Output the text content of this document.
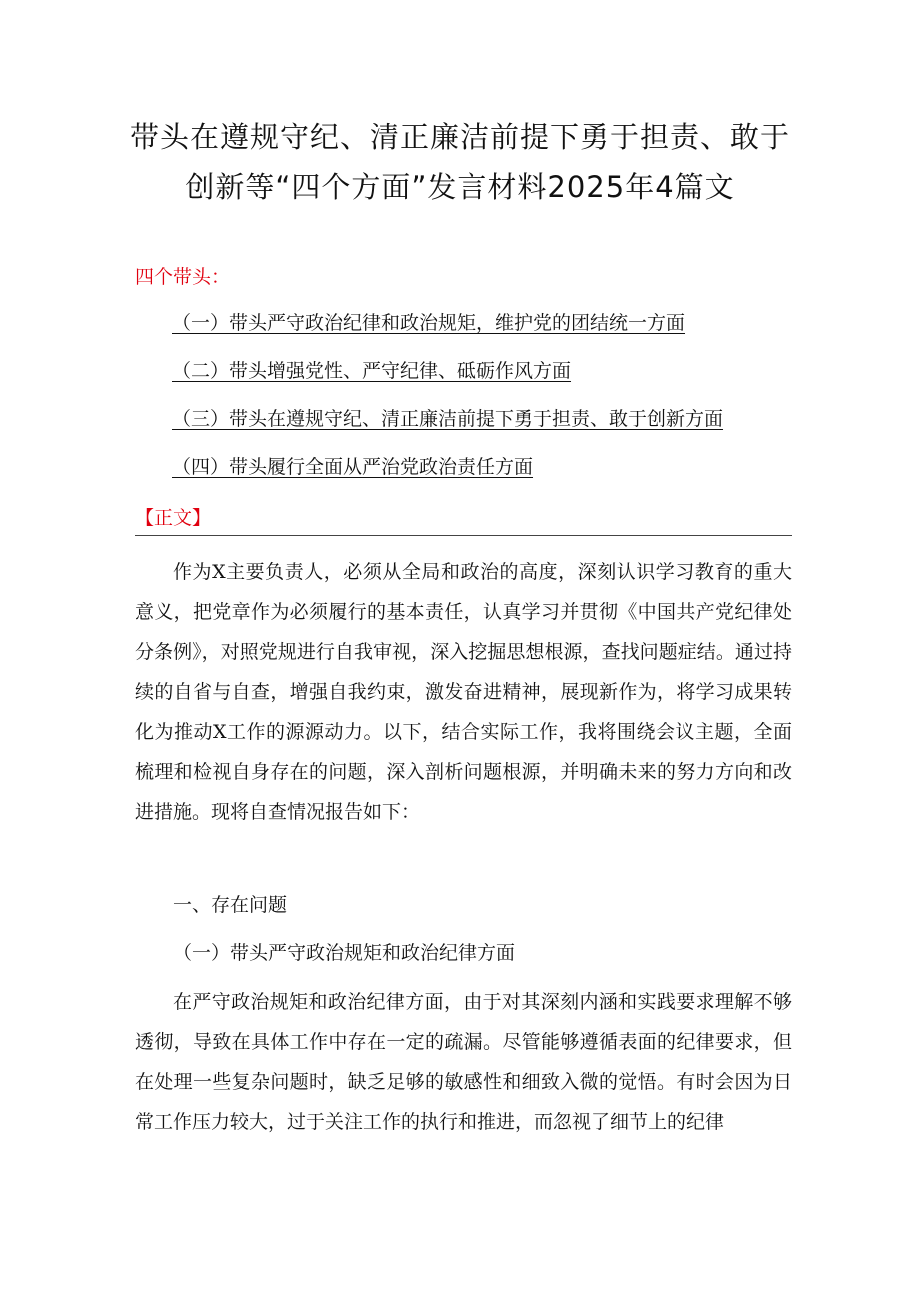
带头在遵规守纪、清正廉洁前提下勇于担责、敢于创新等“四个方面”发言材料2025年4篇文
四个带头：
（一）带头严守政治纪律和政治规矩，维护党的团结统一方面
（二）带头增强党性、严守纪律、砥砺作风方面
（三）带头在遵规守纪、清正廉洁前提下勇于担责、敢于创新方面
（四）带头履行全面从严治党政治责任方面
【正文】

作为X主要负责人，必须从全局和政治的高度，深刻认识学习教育的重大意义，把党章作为必须履行的基本责任，认真学习并贯彻《中国共产党纪律处分条例》，对照党规进行自我审视，深入挖掘思想根源，查找问题症结。通过持续的自省与自查，增强自我约束，激发奋进精神，展现新作为，将学习成果转化为推动X工作的源源动力。以下，结合实际工作，我将围绕会议主题，全面梳理和检视自身存在的问题，深入剖析问题根源，并明确未来的努力方向和改进措施。现将自查情况报告如下：

一、存在问题

（一）带头严守政治规矩和政治纪律方面

在严守政治规矩和政治纪律方面，由于对其深刻内涵和实践要求理解不够透彻，导致在具体工作中存在一定的疏漏。尽管能够遵循表面的纪律要求，但在处理一些复杂问题时，缺乏足够的敏感性和细致入微的觉悟。有时会因为日常工作压力较大，过于关注工作的执行和推进，而忽视了细节上的纪律
